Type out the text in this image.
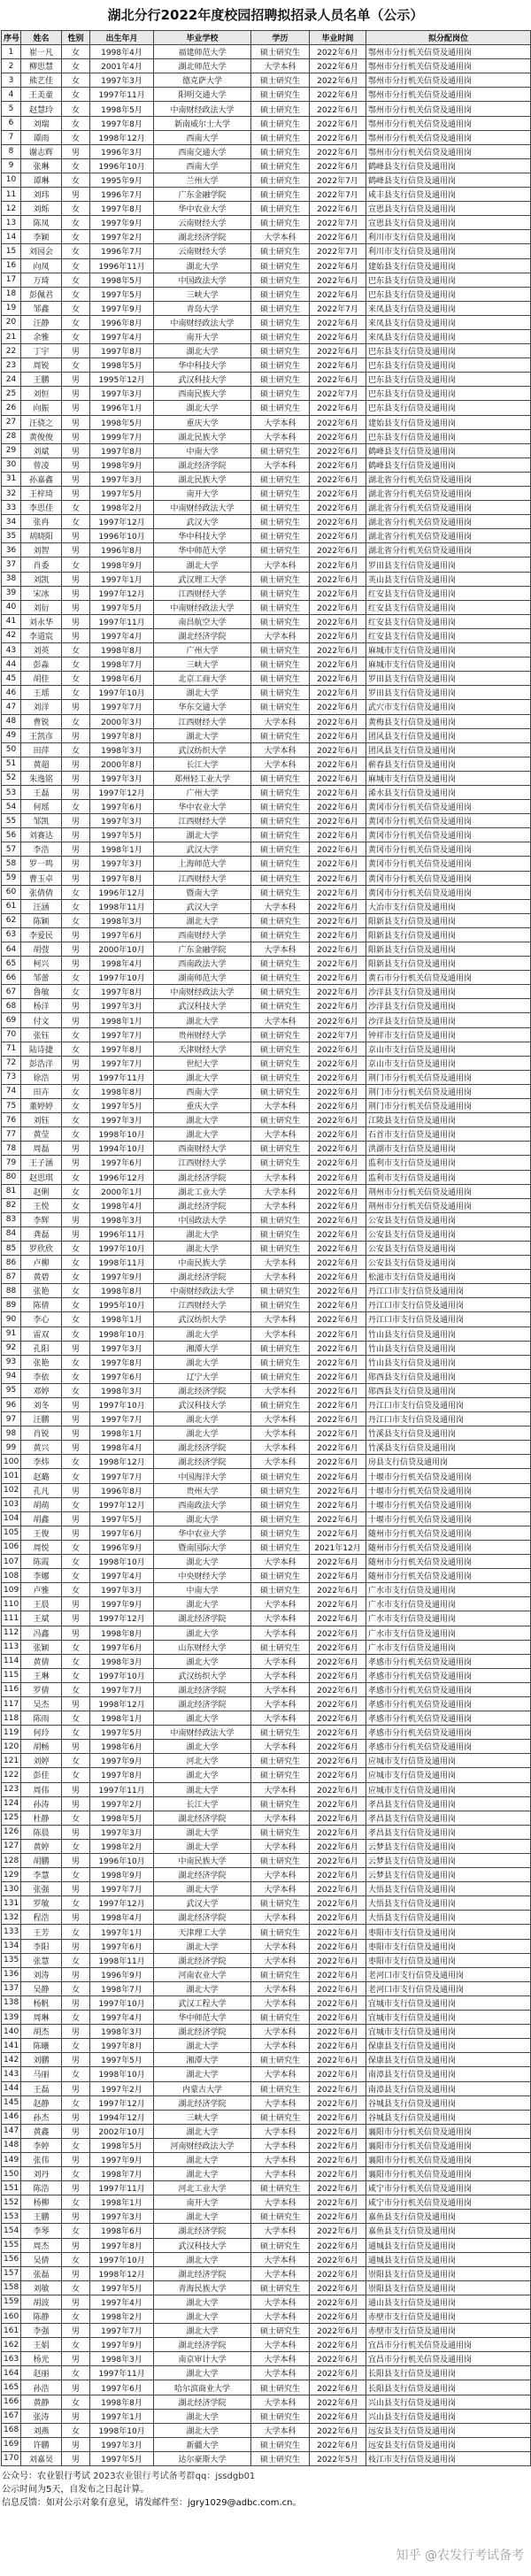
湖北分行2022年度校园招聘拟招录人员名单（公示）
序号	姓名	性别	出生年月	毕业学校	学历	毕业时间	拟分配岗位
1	崔一凡	女	1998年4月	福建师范大学	硕士研究生	2022年6月	鄂州市分行机关信贷及通用岗
2	柳思慧	女	2001年4月	湖北师范大学	大学本科	2022年6月	鄂州市分行机关信贷及通用岗
3	熊艺佳	女	1997年3月	德克萨大学	硕士研究生	2022年6月	鄂州市分行机关信贷及通用岗
4	王美童	女	1997年11月	阳明交通大学	硕士研究生	2022年6月	鄂州市分行机关信贷及通用岗
5	赵慧玲	女	1998年5月	中南财经政法大学	硕士研究生	2022年6月	鄂州市分行机关信贷及通用岗
6	刘瑞	女	1997年8月	新南威尔士大学	硕士研究生	2022年6月	鄂州市分行机关信贷及通用岗
7	谭雨	女	1998年12月	西南大学	硕士研究生	2022年6月	鄂州市分行机关信贷及通用岗
8	谢志辉	男	1996年3月	西南交通大学	硕士研究生	2022年6月	鄂州市分行机关信贷及通用岗
9	张琳	女	1996年10月	西南大学	硕士研究生	2022年6月	鹤峰县支行信贷及通用岗
10	谭琳	女	1995年9月	兰州大学	硕士研究生	2022年7月	鹤峰县支行信贷及通用岗
11	刘玮	男	1996年7月	广东金融学院	硕士研究生	2022年7月	咸丰县支行信贷及通用岗
12	刘烁	女	1997年8月	华中农业大学	硕士研究生	2022年6月	宣恩县支行信贷及通用岗
13	陈凤	女	1997年9月	云南财经大学	硕士研究生	2022年7月	宣恩县支行信贷及通用岗
14	李颖	女	1997年2月	湖北经济学院	大学本科	2022年6月	利川市支行信贷及通用岗
15	刘园会	女	1996年7月	云南财经大学	硕士研究生	2022年7月	利川市支行信贷及通用岗
16	向凤	女	1996年11月	湖北大学	硕士研究生	2022年6月	建始县支行信贷及通用岗
17	万琦	女	1998年5月	中国政法大学	硕士研究生	2022年6月	巴东县支行信贷及通用岗
18	彭佩君	女	1997年5月	三峡大学	硕士研究生	2022年6月	巴东县支行信贷及通用岗
19	邹鑫	女	1997年9月	青岛大学	硕士研究生	2022年7月	来凤县支行信贷及通用岗
20	汪静	女	1996年8月	中南财经政法大学	硕士研究生	2022年6月	来凤县支行信贷及通用岗
21	余雅	女	1997年4月	南开大学	硕士研究生	2022年6月	来凤县支行信贷及通用岗
22	丁宇	男	1997年8月	湖北大学	硕士研究生	2022年6月	巴东县支行信贷及通用岗
23	周锐	女	1998年5月	华中科技大学	硕士研究生	2022年6月	巴东县支行信贷及通用岗
24	王鹏	男	1995年12月	武汉科技大学	硕士研究生	2022年6月	巴东县支行信贷及通用岗
25	刘恒	男	1997年3月	西南民族大学	硕士研究生	2022年7月	巴东县支行信贷及通用岗
26	向振	男	1996年1月	湖北大学	硕士研究生	2022年6月	巴东县支行信贷及通用岗
27	汪骁之	男	1998年5月	重庆大学	大学本科	2022年6月	建始县支行信贷及通用岗
28	黄俊俊	男	1999年7月	湖北民族大学	大学本科	2022年6月	巴东县支行信贷及通用岗
29	刘斌	男	1997年8月	中南大学	硕士研究生	2022年6月	鹤峰县支行信贷及通用岗
30	曾凌	男	1998年9月	湖北经济学院	大学本科	2022年6月	鹤峰县支行信贷及通用岗
31	孙嘉鑫	男	1997年3月	湖北民族大学	硕士研究生	2022年6月	湖北省分行机关信贷及通用岗
32	王梓琦	男	1997年5月	南开大学	硕士研究生	2022年6月	湖北省分行机关信贷及通用岗
33	李思佳	女	1998年2月	中南财经政法大学	硕士研究生	2022年6月	湖北省分行机关信贷及通用岗
34	张冉	女	1997年12月	武汉大学	硕士研究生	2022年6月	湖北省分行机关信贷及通用岗
35	胡晓阳	男	1996年10月	华中科技大学	硕士研究生	2022年6月	湖北省分行机关信贷及通用岗
36	刘智	男	1996年8月	华中师范大学	硕士研究生	2022年6月	湖北省分行机关信贷及通用岗
37	肖委	女	1998年9月	湖北大学	大学本科	2022年6月	罗田县支行信贷及通用岗
38	刘凯	男	1997年1月	武汉理工大学	硕士研究生	2022年6月	英山县支行信贷及通用岗
39	宋冰	男	1997年12月	江西财经大学	硕士研究生	2022年6月	红安县支行信贷及通用岗
40	刘衍	男	1997年5月	中南财经政法大学	硕士研究生	2022年6月	红安县支行信贷及通用岗
41	刘永华	男	1997年11月	南昌航空大学	硕士研究生	2022年6月	红安县支行信贷及通用岗
42	李道宸	男	1997年4月	湖北经济学院	大学本科	2022年6月	红安县支行信贷及通用岗
43	刘英	女	1998年8月	广州大学	硕士研究生	2022年6月	麻城市支行信贷及通用岗
44	彭淼	女	1998年7月	三峡大学	硕士研究生	2022年6月	麻城市支行信贷及通用岗
45	胡佳	女	1998年6月	北京工商大学	硕士研究生	2022年6月	罗田县支行信贷及通用岗
46	王瑶	女	1997年10月	湖北大学	硕士研究生	2022年6月	罗田县支行信贷及通用岗
47	刘洋	男	1997年7月	华东交通大学	硕士研究生	2022年6月	武穴市支行信贷及通用岗
48	曹锐	女	2000年3月	江西财经大学	大学本科	2022年6月	黄梅县支行信贷及通用岗
49	王凯彦	男	1997年8月	湖北大学	硕士研究生	2022年6月	团风县支行信贷及通用岗
50	田萍	女	1998年3月	武汉纺织大学	大学本科	2022年6月	团风县支行信贷及通用岗
51	黄超	男	2000年8月	长江大学	大学本科	2022年6月	蕲春县支行信贷及通用岗
52	朱逸铭	男	1997年3月	郑州轻工业大学	硕士研究生	2022年6月	麻城市支行信贷及通用岗
53	王磊	男	1997年12月	广州大学	硕士研究生	2022年6月	浠水县支行信贷及通用岗
54	何瑶	女	1997年6月	华中农业大学	硕士研究生	2022年6月	黄冈市分行机关信贷及通用岗
55	邹凯	男	1997年3月	江西财经大学	硕士研究生	2022年6月	黄冈市分行机关信贷及通用岗
56	刘赛达	男	1997年5月	湖北大学	硕士研究生	2022年6月	黄冈市分行机关信贷及通用岗
57	李浩	男	1998年1月	武汉大学	硕士研究生	2022年6月	黄冈市分行机关信贷及通用岗
58	罗一鸣	男	1997年3月	上海师范大学	硕士研究生	2022年6月	黄冈市分行机关信贷及通用岗
59	曹玉卓	男	1997年8月	江西财经大学	硕士研究生	2022年6月	黄冈市分行机关信贷及通用岗
60	张倩倩	女	1996年12月	暨南大学	硕士研究生	2022年6月	黄冈市分行机关信贷及通用岗
61	汪涵	女	1998年11月	武汉大学	大学本科	2022年6月	大冶市支行信贷及通用岗
62	陈颖	女	1998年3月	湖北大学	硕士研究生	2022年6月	阳新县支行信贷及通用岗
63	李爱民	男	1997年6月	西南财经大学	硕士研究生	2022年6月	阳新县支行信贷及通用岗
64	胡弢	男	2000年10月	广东金融学院	大学本科	2022年6月	阳新县支行信贷及通用岗
65	柯兴	男	1998年4月	西南政法大学	硕士研究生	2022年6月	阳新县支行信贷及通用岗
66	邹蕾	女	1997年10月	湖南师范大学	硕士研究生	2022年6月	黄石市分行机关信贷及通用岗
67	鲁敏	女	1997年8月	中南财经政法大学	硕士研究生	2022年6月	沙洋县支行信贷及通用岗
68	杨洋	男	1997年3月	武汉科技大学	硕士研究生	2022年6月	沙洋县支行信贷及通用岗
69	付文	男	1998年1月	湖北大学	大学本科	2022年6月	沙洋县支行信贷及通用岗
70	张钰	女	1997年7月	贵州财经大学	硕士研究生	2022年7月	钟祥市支行信贷及通用岗
71	陆诗捷	女	1997年8月	天津财经大学	硕士研究生	2022年6月	京山市支行信贷及通用岗
72	彭浩洋	男	1997年7月	世纪大学	硕士研究生	2022年6月	京山市支行信贷及通用岗
73	徐浩	男	1997年11月	湖北大学	硕士研究生	2022年6月	荆门市分行机关信贷及通用岗
74	田卉	女	1998年8月	西南大学	硕士研究生	2022年6月	荆门市分行机关信贷及通用岗
75	董婷婷	女	1997年5月	重庆大学	大学本科	2022年6月	荆门市分行机关信贷及通用岗
76	刘钰	女	1997年3月	湖北大学	硕士研究生	2022年6月	江陵县支行信贷及通用岗
77	黄莹	女	1998年10月	湖北大学	大学本科	2022年6月	石首市支行信贷及通用岗
78	周磊	男	1994年10月	西南财经大学	硕士研究生	2022年6月	洪湖市支行信贷及通用岗
79	王子涵	男	1997年6月	江西财经大学	硕士研究生	2022年6月	监利市支行信贷及通用岗
80	赵思琪	女	1996年12月	湖北经济学院	大学本科	2022年6月	监利市支行信贷及通用岗
81	赵俐	女	2000年1月	湖北工业大学	大学本科	2022年6月	荆州市分行机关信贷及通用岗
82	王悦	女	1998年4月	湖北经济学院	大学本科	2022年6月	荆州市分行机关信贷及通用岗
83	李辉	男	1998年3月	中国政法大学	硕士研究生	2022年6月	公安县支行信贷及通用岗
84	龚磊	男	1996年11月	湖北大学	硕士研究生	2022年6月	公安县支行信贷及通用岗
85	罗欣欣	女	1997年10月	湖北大学	硕士研究生	2022年6月	公安县支行信贷及通用岗
86	卢柳	女	1998年11月	中南民族大学	大学本科	2022年6月	公安县支行信贷及通用岗
87	黄碧	女	1997年9月	湖北经济学院	大学本科	2022年6月	松滋市支行信贷及通用岗
88	张艳	女	1998年8月	中南财经政法大学	硕士研究生	2022年6月	丹江口市支行信贷及通用岗
89	陈倩	女	1995年10月	江西财经大学	硕士研究生	2022年6月	丹江口市支行信贷及通用岗
90	李心	女	1998年1月	武汉纺织大学	大学本科	2022年6月	丹江口市支行信贷及通用岗
91	雷双	女	1998年10月	湖北大学	大学本科	2022年6月	竹山县支行信贷及通用岗
92	孔阳	男	1997年3月	湘潭大学	硕士研究生	2022年6月	竹山县支行信贷及通用岗
93	张艳	女	1997年8月	湖北大学	硕士研究生	2022年6月	竹山县支行信贷及通用岗
94	李依	女	1997年6月	辽宁大学	硕士研究生	2022年6月	郧西县支行信贷及通用岗
95	邓婷	女	1998年3月	湖北经济学院	大学本科	2022年6月	郧西县支行信贷及通用岗
96	刘冬	男	1997年10月	武汉科技大学	硕士研究生	2022年6月	丹江口市支行信贷及通用岗
97	汪鹏	男	1997年7月	湖北大学	大学本科	2022年6月	丹江口市支行信贷及通用岗
98	肖锐	男	1998年1月	湖北大学	大学本科	2022年6月	竹溪县支行信贷及通用岗
99	黄兴	男	1998年4月	湖北经济学院	大学本科	2022年6月	竹溪县支行信贷及通用岗
100	李炜	女	1998年12月	湖北经济学院	大学本科	2022年6月	房县支行信贷及通用岗
101	赵璐	女	1997年7月	中国海洋大学	硕士研究生	2022年6月	十堰市分行机关信贷及通用岗
102	孔凡	男	1996年8月	贵州大学	硕士研究生	2022年6月	十堰市分行机关信贷及通用岗
103	胡萌	女	1997年12月	西南政法大学	硕士研究生	2022年6月	十堰市分行机关信贷及通用岗
104	胡鑫	男	1997年5月	湖北大学	硕士研究生	2022年6月	十堰市分行机关信贷及通用岗
105	王俊	男	1997年6月	华中农业大学	硕士研究生	2022年6月	随州市分行机关信贷及通用岗
106	周悦	女	1996年9月	暨南国际大学	硕士研究生	2021年12月	随州市分行机关信贷及通用岗
107	陈霞	女	1998年10月	湖北大学	大学本科	2022年6月	随州市分行机关信贷及通用岗
108	李娜	女	1997年4月	中央财经大学	硕士研究生	2022年6月	随州市分行机关信贷及通用岗
109	卢雅	女	1997年3月	中南大学	硕士研究生	2022年6月	广水市支行信贷及通用岗
110	王晨	男	1997年9月	湖北大学	大学本科	2022年6月	广水市支行信贷及通用岗
111	王斌	男	1997年12月	湖北经济学院	大学本科	2022年6月	广水市支行信贷及通用岗
112	冯鑫	男	1998年8月	湖北大学	大学本科	2022年6月	广水市支行信贷及通用岗
113	张颖	女	1997年6月	山东财经大学	硕士研究生	2022年6月	广水市支行信贷及通用岗
114	黄倩	女	1998年3月	湖北大学	大学本科	2022年6月	孝感市分行机关信贷及通用岗
115	王琳	女	1997年10月	武汉纺织大学	大学本科	2022年6月	孝感市分行机关信贷及通用岗
116	罗倩	女	1997年7月	湖北经济学院	大学本科	2022年6月	孝感市分行机关信贷及通用岗
117	吴杰	男	1998年12月	湖北经济学院	大学本科	2022年6月	孝感市分行机关信贷及通用岗
118	陈雨	女	1998年1月	湖北大学	大学本科	2022年6月	孝感市分行机关信贷及通用岗
119	何玲	女	1997年5月	中南财经政法大学	硕士研究生	2022年6月	孝感市分行机关信贷及通用岗
120	胡畅	男	1998年6月	湖北大学	大学本科	2022年6月	孝感市分行机关信贷及通用岗
121	刘婷	女	1997年9月	河北大学	硕士研究生	2022年6月	应城市支行信贷及通用岗
122	彭佳	女	1997年8月	湖北大学	硕士研究生	2022年6月	应城市支行信贷及通用岗
123	周伟	男	1997年11月	湖北大学	大学本科	2022年6月	应城市支行信贷及通用岗
124	孙涛	男	1997年2月	长江大学	硕士研究生	2022年6月	孝昌县支行信贷及通用岗
125	杜静	女	1998年5月	湖北经济学院	大学本科	2022年6月	孝昌县支行信贷及通用岗
126	陈晨	男	1997年3月	湖北大学	硕士研究生	2022年6月	孝昌县支行信贷及通用岗
127	黄婷	女	1998年2月	湖北大学	大学本科	2022年6月	云梦县支行信贷及通用岗
128	胡鹏	男	1996年10月	中南民族大学	硕士研究生	2022年6月	云梦县支行信贷及通用岗
129	李慧	女	1998年9月	湖北经济学院	大学本科	2022年6月	云梦县支行信贷及通用岗
130	张强	男	1997年7月	湖北大学	大学本科	2022年6月	大悟县支行信贷及通用岗
131	罗敏	女	1997年12月	武汉大学	硕士研究生	2022年6月	大悟县支行信贷及通用岗
132	程浩	男	1998年4月	湖北经济学院	大学本科	2022年6月	大悟县支行信贷及通用岗
133	王芳	女	1997年1月	天津理工大学	硕士研究生	2022年6月	枣阳市支行信贷及通用岗
134	李阳	男	1997年6月	湖北大学	大学本科	2022年6月	枣阳市支行信贷及通用岗
135	张慧	女	1998年11月	湖北经济学院	大学本科	2022年6月	枣阳市支行信贷及通用岗
136	刘涛	男	1996年9月	河南农业大学	硕士研究生	2022年6月	老河口市支行信贷及通用岗
137	吴静	女	1998年7月	湖北大学	大学本科	2022年6月	老河口市支行信贷及通用岗
138	杨帆	男	1997年10月	武汉工程大学	大学本科	2022年6月	宜城市支行信贷及通用岗
139	周琳	女	1997年4月	华中师范大学	硕士研究生	2022年6月	宜城市支行信贷及通用岗
140	胡杰	男	1998年3月	湖北经济学院	大学本科	2022年6月	宜城市支行信贷及通用岗
141	陈曦	女	1997年8月	湖北大学	大学本科	2022年6月	保康县支行信贷及通用岗
142	刘鹏	男	1997年5月	湘潭大学	硕士研究生	2022年6月	保康县支行信贷及通用岗
143	马丽	女	1998年10月	湖北大学	大学本科	2022年6月	南漳县支行信贷及通用岗
144	王磊	男	1997年2月	内蒙古大学	硕士研究生	2022年6月	南漳县支行信贷及通用岗
145	赵静	女	1997年12月	湖北经济学院	大学本科	2022年6月	谷城县支行信贷及通用岗
146	孙杰	男	1994年12月	三峡大学	硕士研究生	2022年6月	谷城县支行信贷及通用岗
147	黄鑫	男	2002年10月	湖北大学	大学本科	2022年6月	襄阳市分行机关信贷及通用岗
148	李婷	女	1998年5月	河南财经政法大学	大学本科	2022年6月	襄阳市分行机关信贷及通用岗
149	张伟	男	1997年9月	湖北大学	大学本科	2022年6月	襄阳市分行机关信贷及通用岗
150	刘丹	女	1998年7月	湖北大学	大学本科	2022年6月	襄阳市分行机关信贷及通用岗
151	陈浩	男	1997年11月	河北工业大学	硕士研究生	2022年6月	咸宁市分行机关信贷及通用岗
152	杨柳	女	1998年1月	南开大学	大学本科	2022年6月	咸宁市分行机关信贷及通用岗
153	王鹏	男	1997年3月	湖北大学	硕士研究生	2022年6月	嘉鱼县支行信贷及通用岗
154	李琴	女	1998年6月	湖北经济学院	大学本科	2022年6月	嘉鱼县支行信贷及通用岗
155	周杰	男	1997年8月	武汉科技大学	硕士研究生	2022年6月	通城县支行信贷及通用岗
156	吴倩	女	1997年10月	湖北大学	大学本科	2022年6月	通城县支行信贷及通用岗
157	张磊	男	1998年12月	湖北经济学院	大学本科	2022年6月	崇阳县支行信贷及通用岗
158	刘敏	女	1997年5月	青海民族大学	硕士研究生	2022年6月	崇阳县支行信贷及通用岗
159	胡波	男	1997年4月	湖北大学	大学本科	2022年6月	通山县支行信贷及通用岗
160	陈静	女	1998年2月	湖北大学	大学本科	2022年6月	赤壁市支行信贷及通用岗
161	李强	男	1997年7月	湖北大学	硕士研究生	2022年6月	赤壁市支行信贷及通用岗
162	王娟	女	1997年9月	湖北经济学院	大学本科	2022年6月	宜昌市分行机关信贷及通用岗
163	杨光	男	1998年3月	南京审计大学	大学本科	2022年6月	宜昌市分行机关信贷及通用岗
164	赵丽	女	1997年11月	湖北大学	大学本科	2022年6月	长阳县支行信贷及通用岗
165	孙浩	男	1997年6月	哈尔滨商业大学	硕士研究生	2022年6月	长阳县支行信贷及通用岗
166	黄静	女	1998年8月	湖北经济学院	大学本科	2022年6月	兴山县支行信贷及通用岗
167	张涛	男	1997年1月	湖北大学	硕士研究生	2022年6月	兴山县支行信贷及通用岗
168	刘燕	女	1998年10月	湖北大学	大学本科	2022年6月	远安县支行信贷及通用岗
169	许鹏	男	1997年3月	新疆大学	硕士研究生	2022年6月	远安县支行信贷及通用岗
170	刘嘉昊	男	1997年5月	达尔豪斯大学	硕士研究生	2022年5月	枝江市支行信贷及通用岗
公众号：农业银行考试 2023农业银行考试备考群qq：jssdgb01
公示时间为5天，自发布之日起计算。
信息反馈：如对公示对象有意见，请发邮件至：jgry1029@adbc.com.cn。
知乎 @农发行考试备考
